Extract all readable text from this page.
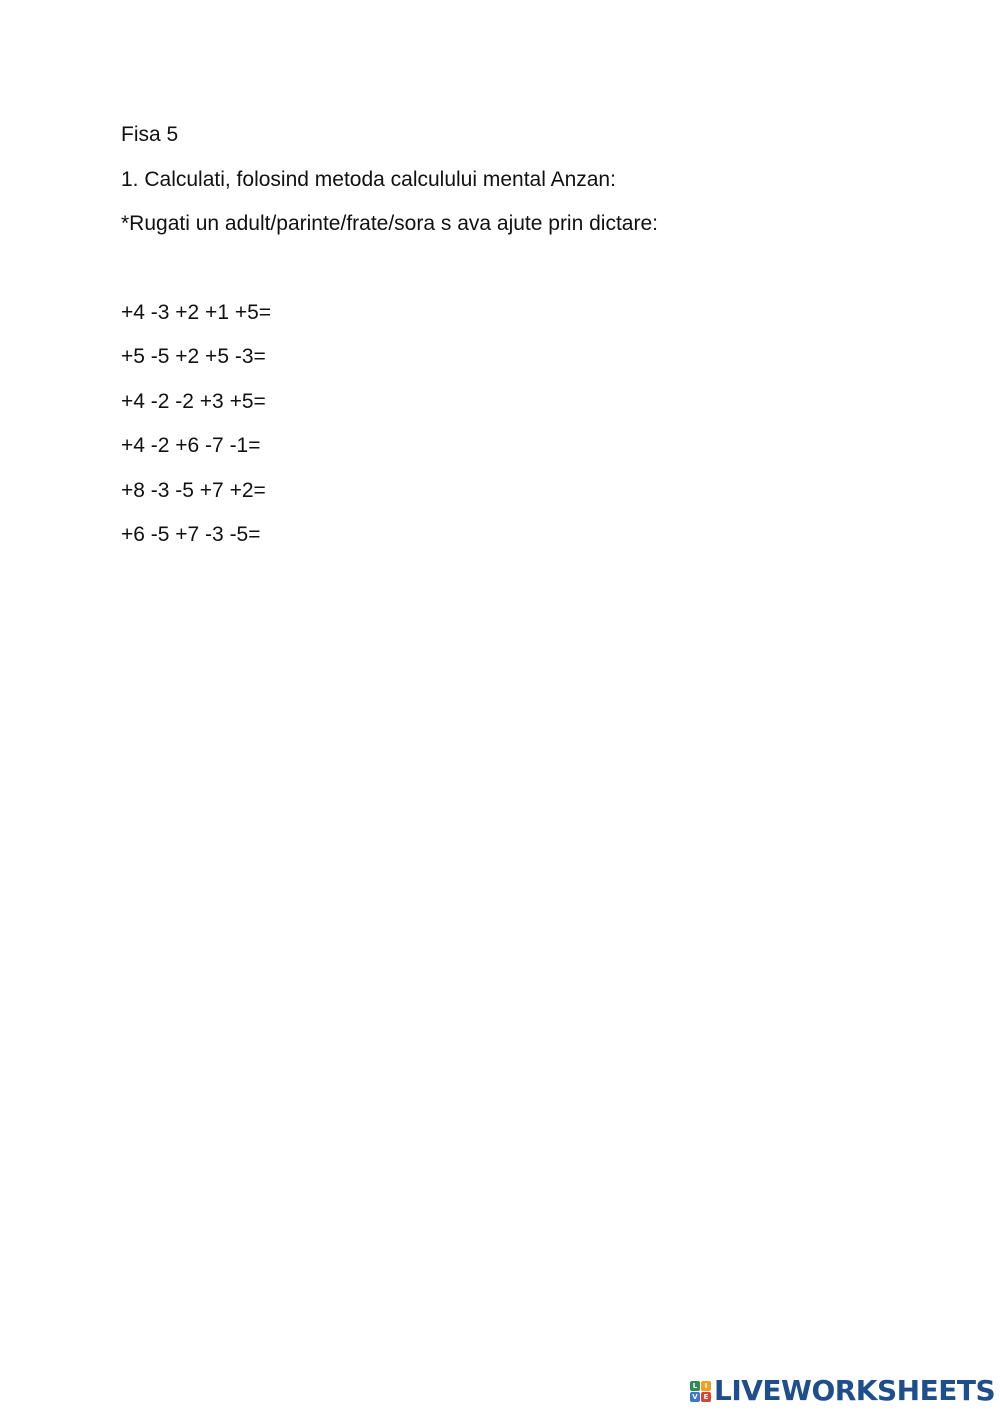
Fisa 5
1. Calculati, folosind metoda calculului mental Anzan:
*Rugati un adult/parinte/frate/sora s ava ajute prin dictare:
+4 -3 +2 +1 +5=
+5 -5 +2 +5 -3=
+4 -2 -2 +3 +5=
+4 -2 +6 -7 -1=
+8 -3 -5 +7 +2=
+6 -5 +7 -3 -5=
L	I
V E LIVEWORKSHEETS
